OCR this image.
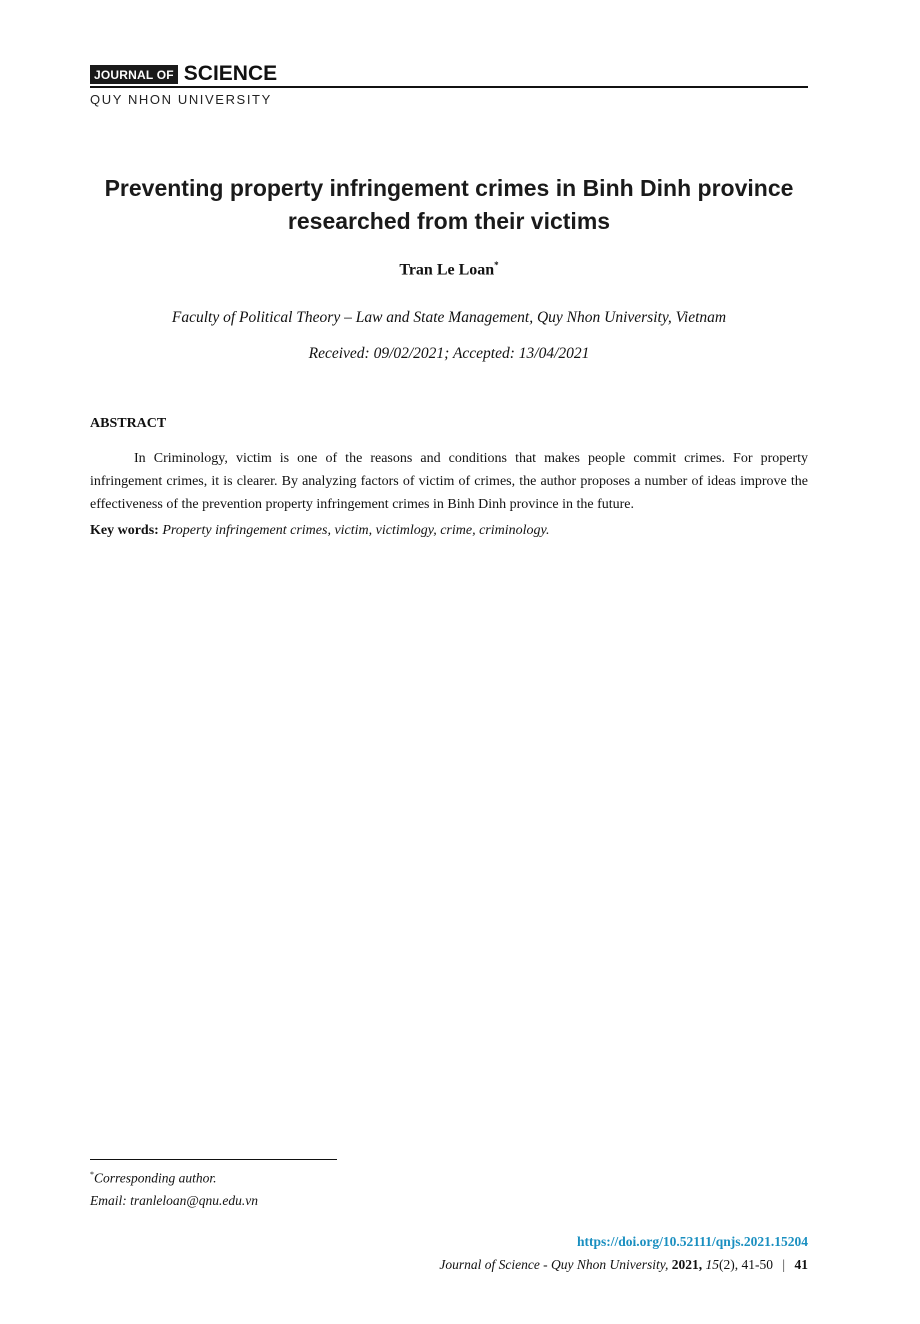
JOURNAL OF SCIENCE
QUY NHON UNIVERSITY
Preventing property infringement crimes in Binh Dinh province researched from their victims
Tran Le Loan*
Faculty of Political Theory – Law and State Management, Quy Nhon University, Vietnam
Received: 09/02/2021; Accepted: 13/04/2021
ABSTRACT
In Criminology, victim is one of the reasons and conditions that makes people commit crimes. For property infringement crimes, it is clearer. By analyzing factors of victim of crimes, the author proposes a number of ideas improve the effectiveness of the prevention property infringement crimes in Binh Dinh province in the future.
Key words: Property infringement crimes, victim, victimlogy, crime, criminology.
*Corresponding author.
Email: tranleloan@qnu.edu.vn
https://doi.org/10.52111/qnjs.2021.15204
Journal of Science - Quy Nhon University, 2021, 15(2), 41-50 | 41
